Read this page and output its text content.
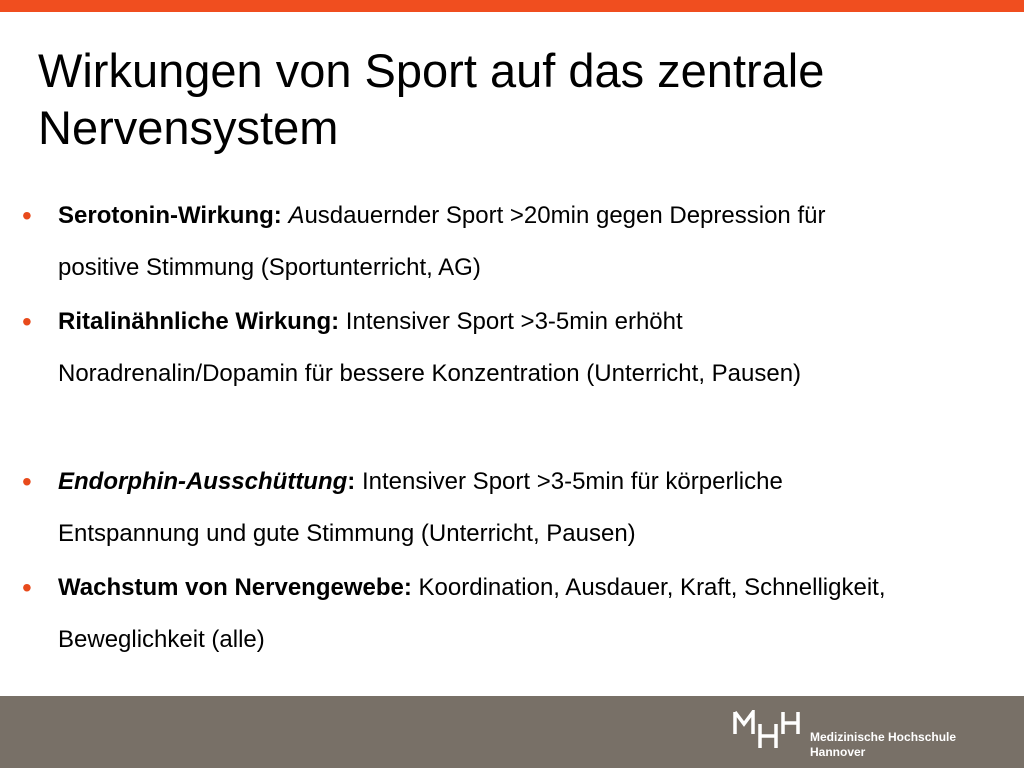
Wirkungen von Sport auf das zentrale
Nervensystem
• Serotonin-Wirkung: Ausdauernder Sport >20min gegen Depression für positive Stimmung (Sportunterricht, AG)
• Ritalinähnliche Wirkung: Intensiver Sport >3-5min erhöht Noradrenalin/Dopamin für bessere Konzentration (Unterricht, Pausen)
• Endorphin-Ausschüttung: Intensiver Sport >3-5min für körperliche Entspannung und gute Stimmung (Unterricht, Pausen)
• Wachstum von Nervengewebe: Koordination, Ausdauer, Kraft, Schnelligkeit, Beweglichkeit (alle)
Medizinische Hochschule
Hannover
